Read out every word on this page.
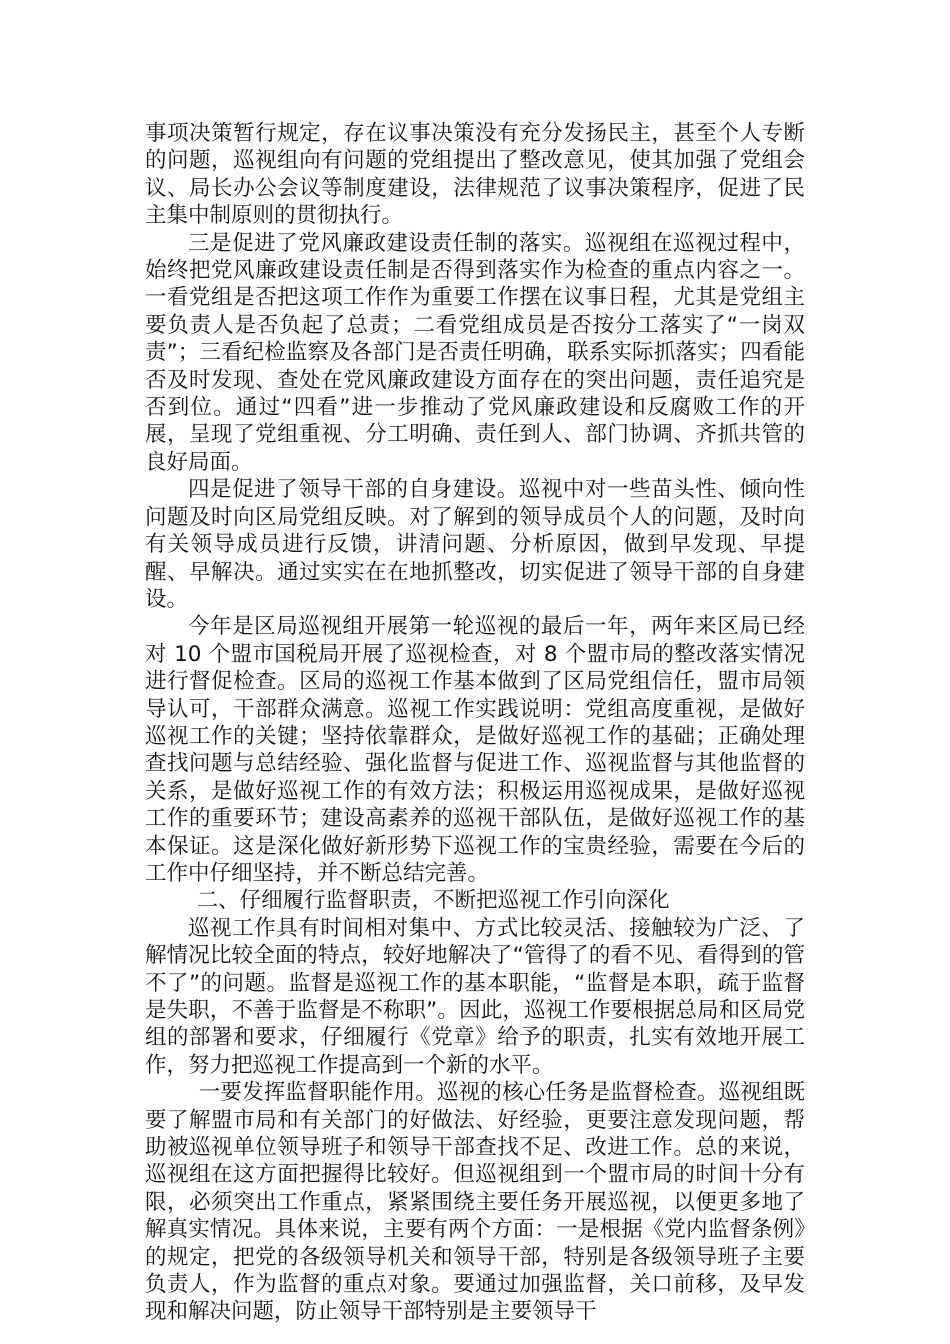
事项决策暂行规定，存在议事决策没有充分发扬民主，甚至个人专断的问题，巡视组向有问题的党组提出了整改意见，使其加强了党组会议、局长办公会议等制度建设，法律规范了议事决策程序，促进了民主集中制原则的贯彻执行。

三是促进了党风廉政建设责任制的落实。巡视组在巡视过程中，始终把党风廉政建设责任制是否得到落实作为检查的重点内容之一。一看党组是否把这项工作作为重要工作摆在议事日程，尤其是党组主要负责人是否负起了总责；二看党组成员是否按分工落实了“一岗双责”；三看纪检监察及各部门是否责任明确，联系实际抓落实；四看能否及时发现、查处在党风廉政建设方面存在的突出问题，责任追究是否到位。通过“四看”进一步推动了党风廉政建设和反腐败工作的开展，呈现了党组重视、分工明确、责任到人、部门协调、齐抓共管的良好局面。

四是促进了领导干部的自身建设。巡视中对一些苗头性、倾向性问题及时向区局党组反映。对了解到的领导成员个人的问题，及时向有关领导成员进行反馈，讲清问题、分析原因，做到早发现、早提醒、早解决。通过实实在在地抓整改，切实促进了领导干部的自身建设。

今年是区局巡视组开展第一轮巡视的最后一年，两年来区局已经对 10 个盟市国税局开展了巡视检查，对 8 个盟市局的整改落实情况进行督促检查。区局的巡视工作基本做到了区局党组信任，盟市局领导认可，干部群众满意。巡视工作实践说明：党组高度重视，是做好巡视工作的关键；坚持依靠群众，是做好巡视工作的基础；正确处理查找问题与总结经验、强化监督与促进工作、巡视监督与其他监督的关系，是做好巡视工作的有效方法；积极运用巡视成果，是做好巡视工作的重要环节；建设高素养的巡视干部队伍，是做好巡视工作的基本保证。这是深化做好新形势下巡视工作的宝贵经验，需要在今后的工作中仔细坚持，并不断总结完善。

二、仔细履行监督职责，不断把巡视工作引向深化

巡视工作具有时间相对集中、方式比较灵活、接触较为广泛、了解情况比较全面的特点，较好地解决了“管得了的看不见、看得到的管不了”的问题。监督是巡视工作的基本职能，“监督是本职，疏于监督是失职，不善于监督是不称职”。因此，巡视工作要根据总局和区局党组的部署和要求，仔细履行《党章》给予的职责，扎实有效地开展工作，努力把巡视工作提高到一个新的水平。

一要发挥监督职能作用。巡视的核心任务是监督检查。巡视组既要了解盟市局和有关部门的好做法、好经验，更要注意发现问题，帮助被巡视单位领导班子和领导干部查找不足、改进工作。总的来说，巡视组在这方面把握得比较好。但巡视组到一个盟市局的时间十分有限，必须突出工作重点，紧紧围绕主要任务开展巡视，以便更多地了解真实情况。具体来说，主要有两个方面：一是根据《党内监督条例》的规定，把党的各级领导机关和领导干部，特别是各级领导班子主要负责人，作为监督的重点对象。要通过加强监督，关口前移，及早发现和解决问题，防止领导干部特别是主要领导干
